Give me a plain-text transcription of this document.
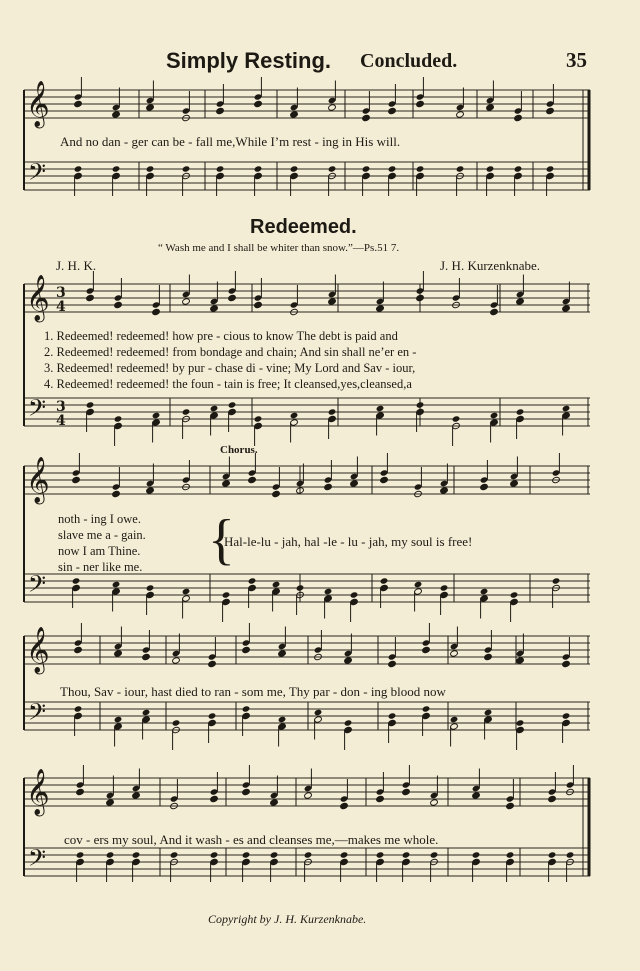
Simply Resting. Concluded.	35
𝄞
𝄢
𝄞
𝄢
𝄞
𝄢
𝄞
𝄢
𝄞
𝄢
3
4
3
4
And no dan - ger can be - fall me,While I’m rest - ing in His will.
Redeemed.
“ Wash me and I shall be whiter than snow.”—Ps.51 7.
J. H. K.	J. H. Kurzenknabe.
1. Redeemed! redeemed! how pre - cious to know The debt is paid and
2. Redeemed! redeemed! from bondage and chain; And sin shall ne’er en -
3. Redeemed! redeemed! by pur - chase di - vine; My Lord and Sav - iour,
4. Redeemed! redeemed! the foun - tain is free; It cleansed,yes,cleansed,a
Chorus.
noth - ing I owe.
slave me a - gain.
now I am Thine.
sin - ner like me. {
Hal-le-lu - jah, hal -le - lu - jah, my soul is free!
Thou, Sav - iour, hast died to ran - som me, Thy par - don - ing blood now
cov - ers my soul, And it wash - es and cleanses me,—makes me whole.
Copyright by J. H. Kurzenknabe.
